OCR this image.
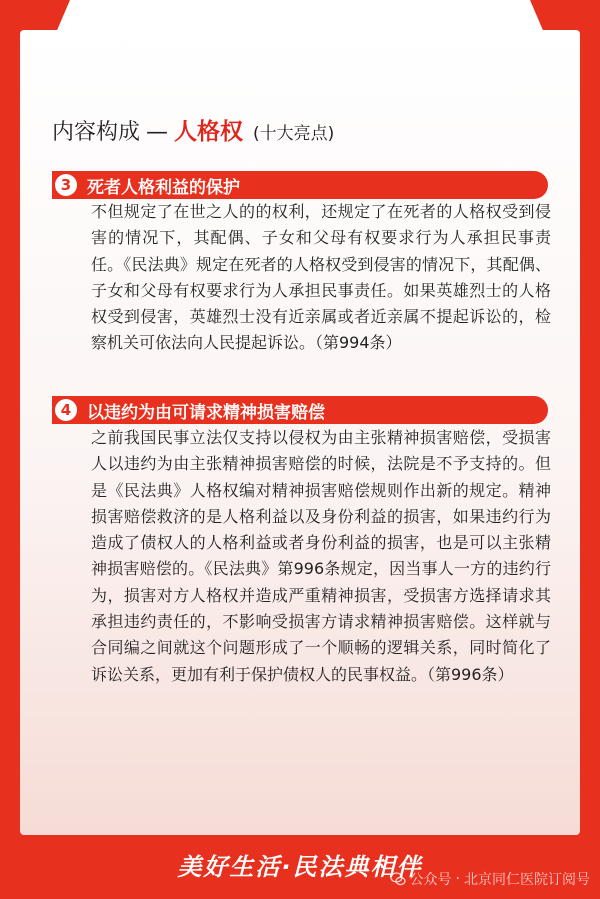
内容构成 — 人格权 (十大亮点)
3 死者人格利益的保护
不但规定了在世之人的的权利，还规定了在死者的人格权受到侵害的情况下，其配偶、子女和父母有权要求行为人承担民事责任。《民法典》规定在死者的人格权受到侵害的情况下，其配偶、子女和父母有权要求行为人承担民事责任。如果英雄烈士的人格权受到侵害，英雄烈士没有近亲属或者近亲属不提起诉讼的，检察机关可依法向人民提起诉讼。（第994条）
4 以违约为由可请求精神损害赔偿
之前我国民事立法仅支持以侵权为由主张精神损害赔偿，受损害人以违约为由主张精神损害赔偿的时候，法院是不予支持的。但是《民法典》人格权编对精神损害赔偿规则作出新的规定。精神损害赔偿救济的是人格利益以及身份利益的损害，如果违约行为造成了债权人的人格利益或者身份利益的损害，也是可以主张精神损害赔偿的。《民法典》第996条规定，因当事人一方的违约行为，损害对方人格权并造成严重精神损害，受损害方选择请求其承担违约责任的，不影响受损害方请求精神损害赔偿。这样就与合同编之间就这个问题形成了一个顺畅的逻辑关系，同时简化了诉讼关系，更加有利于保护债权人的民事权益。（第996条）
美好生活·民法典相伴
公众号 · 北京同仁医院订阅号
